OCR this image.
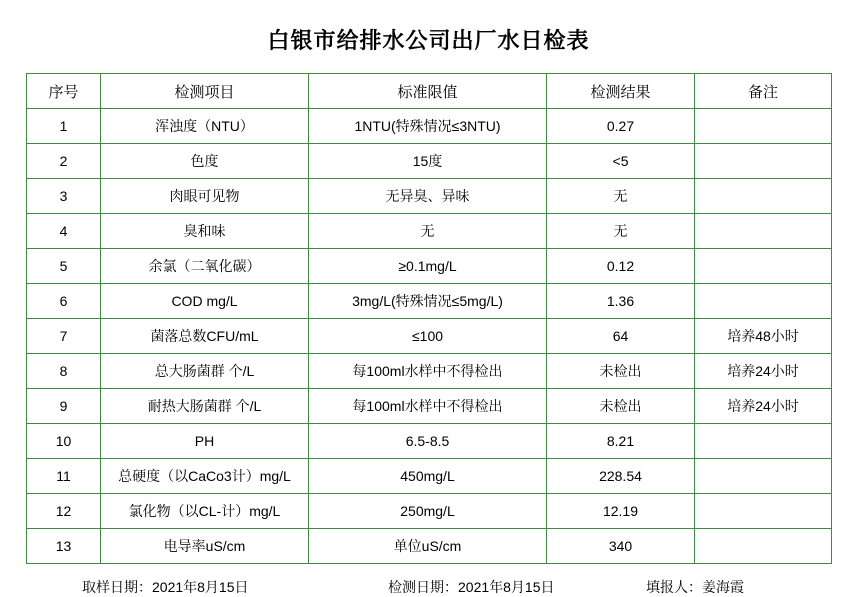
白银市给排水公司出厂水日检表
序号	检测项目	标准限值	检测结果	备注
1	浑浊度（NTU）	1NTU(特殊情况≤3NTU)	0.27	
2	色度	15度	<5	
3	肉眼可见物	无异臭、异味	无	
4	臭和味	无	无	
5	余氯（二氧化碳）	≥0.1mg/L	0.12	
6	COD mg/L	3mg/L(特殊情况≤5mg/L)	1.36	
7	菌落总数CFU/mL	≤100	64	培养48小时
8	总大肠菌群 个/L	每100ml水样中不得检出	未检出	培养24小时
9	耐热大肠菌群 个/L	每100ml水样中不得检出	未检出	培养24小时
10	PH	6.5-8.5	8.21	
11	总硬度（以CaCo3计）mg/L	450mg/L	228.54	
12	氯化物（以CL-计）mg/L	250mg/L	12.19	
13	电导率uS/cm	单位uS/cm	340	
取样日期：2021年8月15日	检测日期：2021年8月15日	填报人：姜海霞
